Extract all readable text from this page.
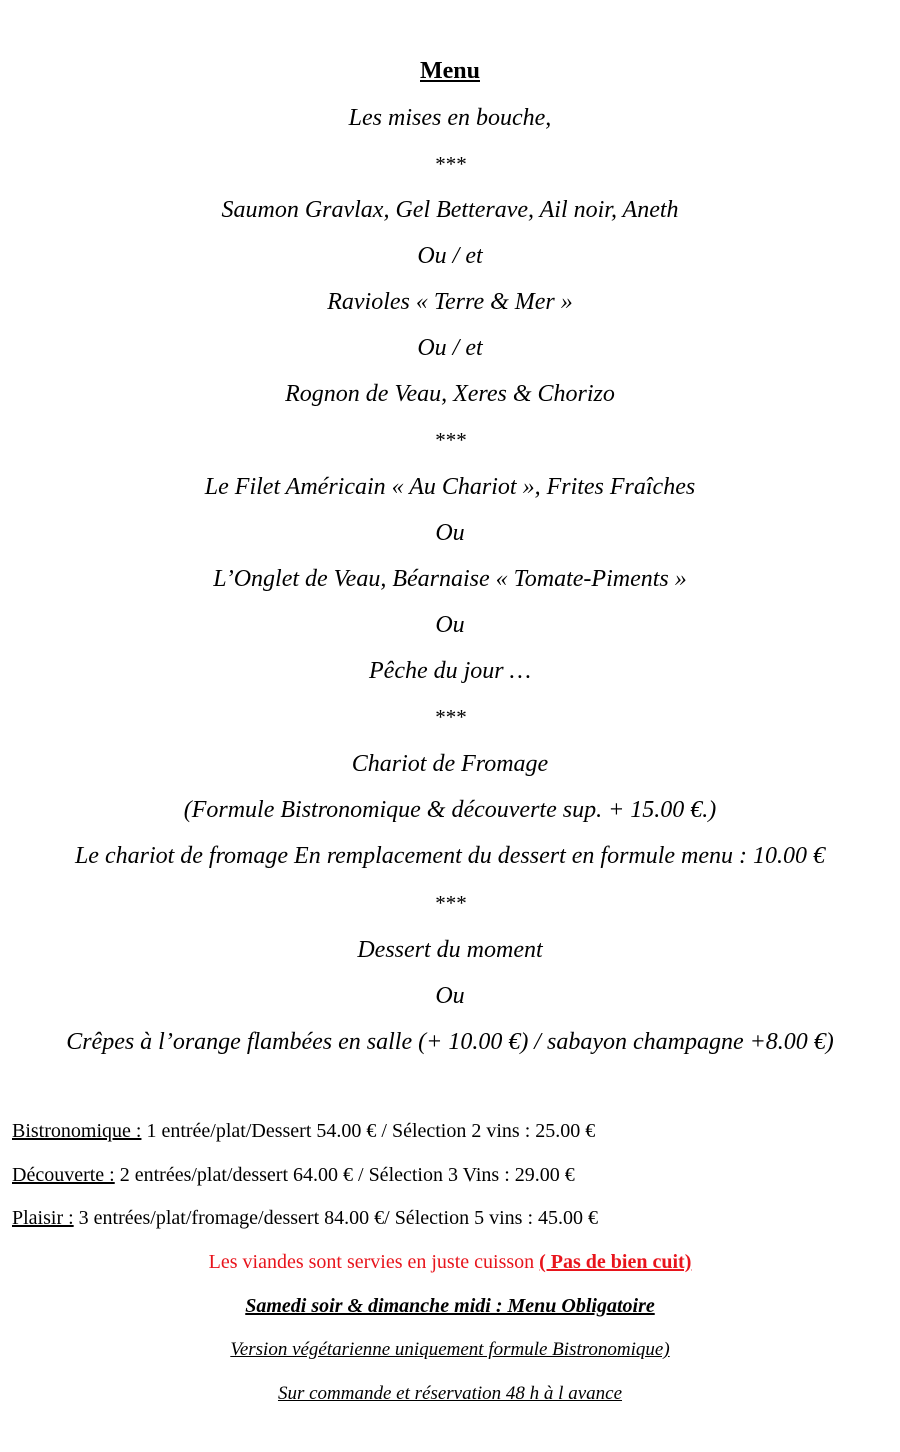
Menu
Les mises en bouche,
***
Saumon Gravlax, Gel Betterave, Ail noir, Aneth
Ou / et
Ravioles « Terre & Mer »
Ou / et
Rognon de Veau, Xeres & Chorizo
***
Le Filet Américain « Au Chariot », Frites Fraîches
Ou
L’Onglet de Veau, Béarnaise « Tomate-Piments »
Ou
Pêche du jour …
***
Chariot de Fromage
(Formule Bistronomique & découverte sup. + 15.00 €.)
Le chariot de fromage En remplacement du dessert en formule menu : 10.00 €
***
Dessert du moment
Ou
Crêpes à l’orange flambées en salle (+ 10.00 €) / sabayon champagne +8.00 €)
Bistronomique : 1 entrée/plat/Dessert 54.00 € / Sélection 2 vins : 25.00 €
Découverte : 2 entrées/plat/dessert 64.00 € / Sélection 3 Vins : 29.00 €
Plaisir : 3 entrées/plat/fromage/dessert 84.00 €/ Sélection 5 vins : 45.00 €
Les viandes sont servies en juste cuisson ( Pas de bien cuit)
Samedi soir & dimanche midi : Menu Obligatoire
Version végétarienne uniquement formule Bistronomique)
Sur commande et réservation 48 h à l avance
